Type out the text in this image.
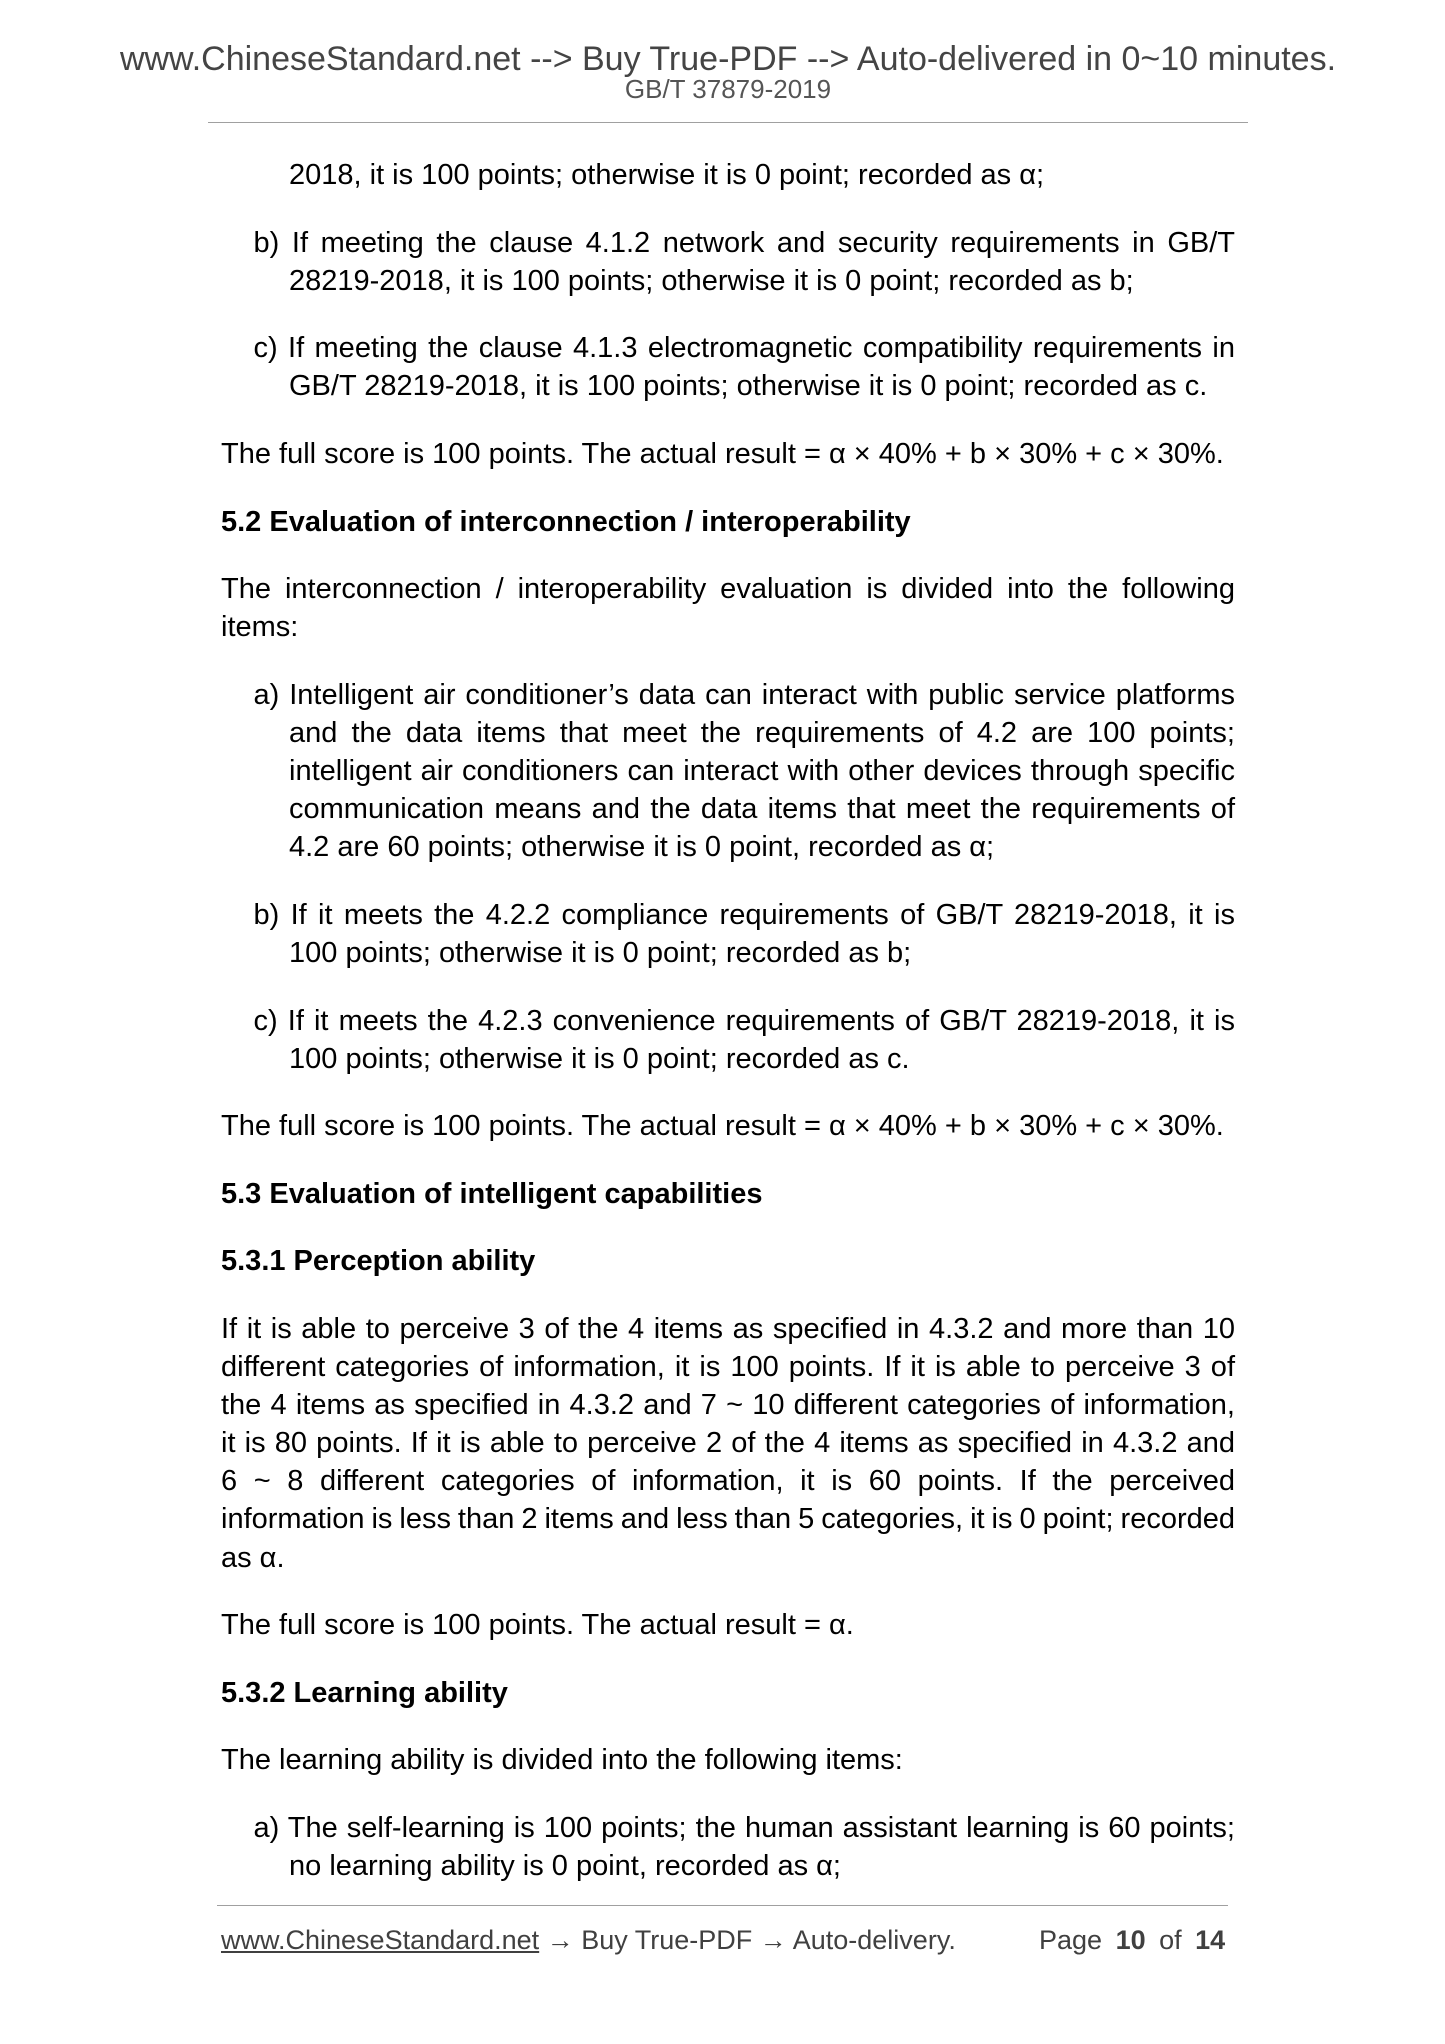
www.ChineseStandard.net --> Buy True-PDF --> Auto-delivered in 0~10 minutes.
GB/T 37879-2019
2018, it is 100 points; otherwise it is 0 point; recorded as α;
b) If meeting the clause 4.1.2 network and security requirements in GB/T
28219-2018, it is 100 points; otherwise it is 0 point; recorded as b;
c) If meeting the clause 4.1.3 electromagnetic compatibility requirements in
GB/T 28219-2018, it is 100 points; otherwise it is 0 point; recorded as c.
The full score is 100 points. The actual result = α × 40% + b × 30% + c × 30%.
5.2 Evaluation of interconnection / interoperability
The interconnection / interoperability evaluation is divided into the following
items:
a) Intelligent air conditioner’s data can interact with public service platforms
and the data items that meet the requirements of 4.2 are 100 points;
intelligent air conditioners can interact with other devices through specific
communication means and the data items that meet the requirements of
4.2 are 60 points; otherwise it is 0 point, recorded as α;
b) If it meets the 4.2.2 compliance requirements of GB/T 28219-2018, it is
100 points; otherwise it is 0 point; recorded as b;
c) If it meets the 4.2.3 convenience requirements of GB/T 28219-2018, it is
100 points; otherwise it is 0 point; recorded as c.
The full score is 100 points. The actual result = α × 40% + b × 30% + c × 30%.
5.3 Evaluation of intelligent capabilities
5.3.1 Perception ability
If it is able to perceive 3 of the 4 items as specified in 4.3.2 and more than 10
different categories of information, it is 100 points. If it is able to perceive 3 of
the 4 items as specified in 4.3.2 and 7 ~ 10 different categories of information,
it is 80 points. If it is able to perceive 2 of the 4 items as specified in 4.3.2 and
6 ~ 8 different categories of information, it is 60 points. If the perceived
information is less than 2 items and less than 5 categories, it is 0 point; recorded
as α.
The full score is 100 points. The actual result = α.
5.3.2 Learning ability
The learning ability is divided into the following items:
a) The self-learning is 100 points; the human assistant learning is 60 points;
no learning ability is 0 point, recorded as α;
www.ChineseStandard.net → Buy True-PDF → Auto-delivery.	Page 10 of 14
